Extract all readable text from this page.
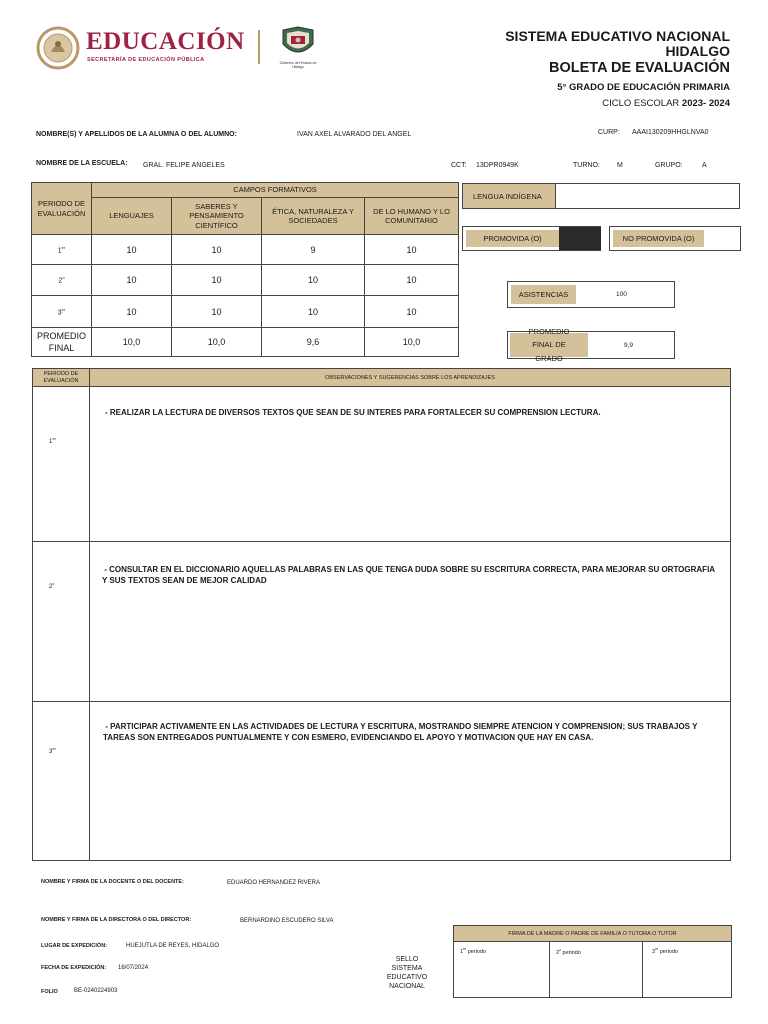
EDUCACIÓN
SECRETARÍA DE EDUCACIÓN PÚBLICA	Gobierno del Estado de Hidalgo
SISTEMA EDUCATIVO NACIONAL
HIDALGO
BOLETA DE EVALUACIÓN
5° GRADO DE EDUCACIÓN PRIMARIA
CICLO ESCOLAR 2023- 2024
NOMBRE(S) Y APELLIDOS DE LA ALUMNA O DEL ALUMNO:	IVAN AXEL ALVARADO DEL ANGEL	CURP: AAAI130209HHGLNVA0
NOMBRE DE LA ESCUELA: GRAL. FELIPE ANGELES	CCT: 13DPR0949K	TURNO: M	GRUPO:	A
PERIODO DE EVALUACIÓN	CAMPOS FORMATIVOS			
	LENGUAJES	SABERES Y PENSAMIENTO CIENTÍFICO	ÉTICA, NATURALEZA Y SOCIEDADES	DE LO HUMANO Y LO COMUNITARIO
1er	10	10	9	10
2$^o$	10	10	10	10
3er	10	10	10	10
PROMEDIO FINAL	10,0	10,0	9,6	10,0
LENGUA INDÍGENA
PROMOVIDA (O)	NO PROMOVIDA (O)
ASISTENCIAS	100
PROMEDIO FINAL DE GRADO
9,9
PERIODO DE EVALUACIÓN	OBSERVACIONES Y SUGERENCIAS SOBRE LOS APRENDIZAJES
1er
- REALIZAR LA LECTURA DE DIVERSOS TEXTOS QUE SEAN DE SU INTERES PARA FORTALECER SU COMPRENSION LECTURA.
2$^o$
- CONSULTAR EN EL DICCIONARIO AQUELLAS PALABRAS EN LAS QUE TENGA DUDA SOBRE SU ESCRITURA CORRECTA, PARA MEJORAR SU ORTOGRAFIA Y SUS TEXTOS SEAN DE MEJOR CALIDAD
3er
- PARTICIPAR ACTIVAMENTE EN LAS ACTIVIDADES DE LECTURA Y ESCRITURA, MOSTRANDO SIEMPRE ATENCION Y COMPRENSION; SUS TRABAJOS Y TAREAS SON ENTREGADOS PUNTUALMENTE Y CON ESMERO, EVIDENCIANDO EL APOYO Y MOTIVACION QUE HAY EN CASA.
NOMBRE Y FIRMA DE LA DOCENTE O DEL DOCENTE:	EDUARDO HERNANDEZ RIVERA
NOMBRE Y FIRMA DE LA DIRECTORA O DEL DIRECTOR:	BERNARDINO ESCUDERO SILVA
LUGAR DE EXPEDICIÓN:	HUEJUTLA DE REYES, HIDALGO
FECHA DE EXPEDICIÓN: 16/07/2024
FOLIO	BE-0240224903
SELLO
SISTEMA
EDUCATIVO
NACIONAL
FIRMA DE LA MADRE O PADRE DE FAMILIA O TUTORA O TUTOR
1er periodo	2$^o$ periodo	3er periodo
